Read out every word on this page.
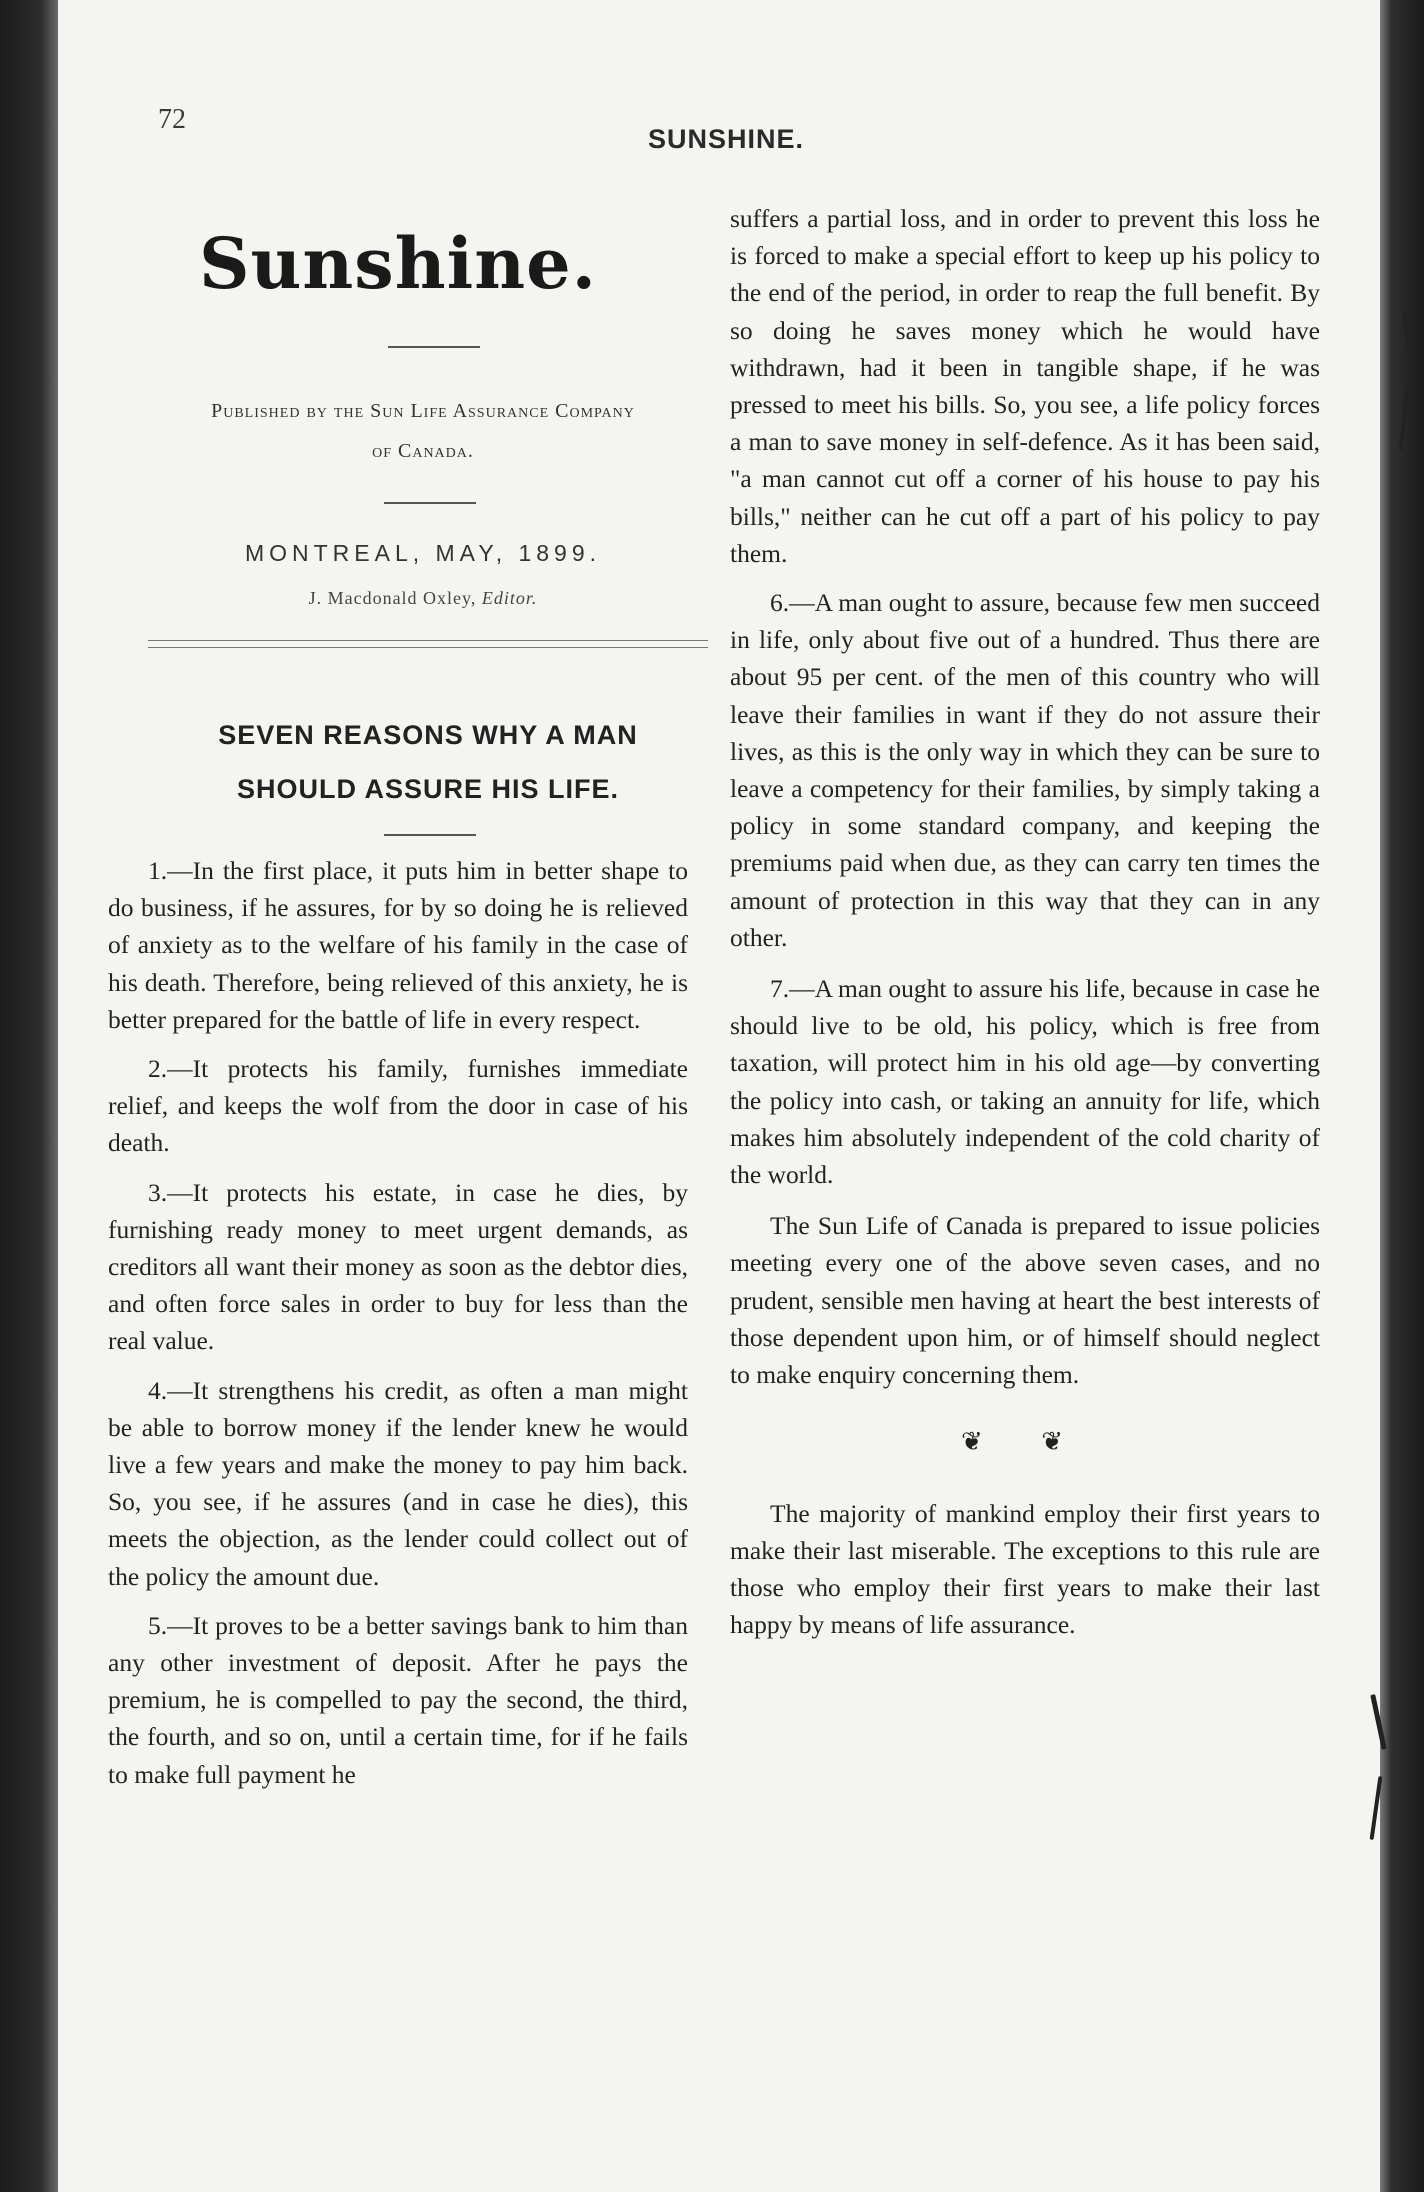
72
SUNSHINE.
Sunshine.
Published by the Sun Life Assurance Company
of Canada.
MONTREAL, MAY, 1899.
J. Macdonald Oxley, Editor.
SEVEN REASONS WHY A MAN
SHOULD ASSURE HIS LIFE.

1.—In the first place, it puts him in better shape to do business, if he assures, for by so doing he is relieved of anxiety as to the welfare of his family in the case of his death. Therefore, being relieved of this anxiety, he is better prepared for the battle of life in every respect.

2.—It protects his family, furnishes immediate relief, and keeps the wolf from the door in case of his death.

3.—It protects his estate, in case he dies, by furnishing ready money to meet urgent demands, as creditors all want their money as soon as the debtor dies, and often force sales in order to buy for less than the real value.

4.—It strengthens his credit, as often a man might be able to borrow money if the lender knew he would live a few years and make the money to pay him back. So, you see, if he assures (and in case he dies), this meets the objection, as the lender could collect out of the policy the amount due.

5.—It proves to be a better savings bank to him than any other investment of deposit. After he pays the premium, he is compelled to pay the second, the third, the fourth, and so on, until a certain time, for if he fails to make full payment he

suffers a partial loss, and in order to prevent this loss he is forced to make a special effort to keep up his policy to the end of the period, in order to reap the full benefit. By so doing he saves money which he would have withdrawn, had it been in tangible shape, if he was pressed to meet his bills. So, you see, a life policy forces a man to save money in self-defence. As it has been said, "a man cannot cut off a corner of his house to pay his bills," neither can he cut off a part of his policy to pay them.

6.—A man ought to assure, because few men succeed in life, only about five out of a hundred. Thus there are about 95 per cent. of the men of this country who will leave their families in want if they do not assure their lives, as this is the only way in which they can be sure to leave a competency for their families, by simply taking a policy in some standard company, and keeping the premiums paid when due, as they can carry ten times the amount of protection in this way that they can in any other.

7.—A man ought to assure his life, because in case he should live to be old, his policy, which is free from taxation, will protect him in his old age—by converting the policy into cash, or taking an annuity for life, which makes him absolutely independent of the cold charity of the world.

The Sun Life of Canada is prepared to issue policies meeting every one of the above seven cases, and no prudent, sensible men having at heart the best interests of those dependent upon him, or of himself should neglect to make enquiry concerning them.

❦ ❦

The majority of mankind employ their first years to make their last miserable. The exceptions to this rule are those who employ their first years to make their last happy by means of life assurance.
